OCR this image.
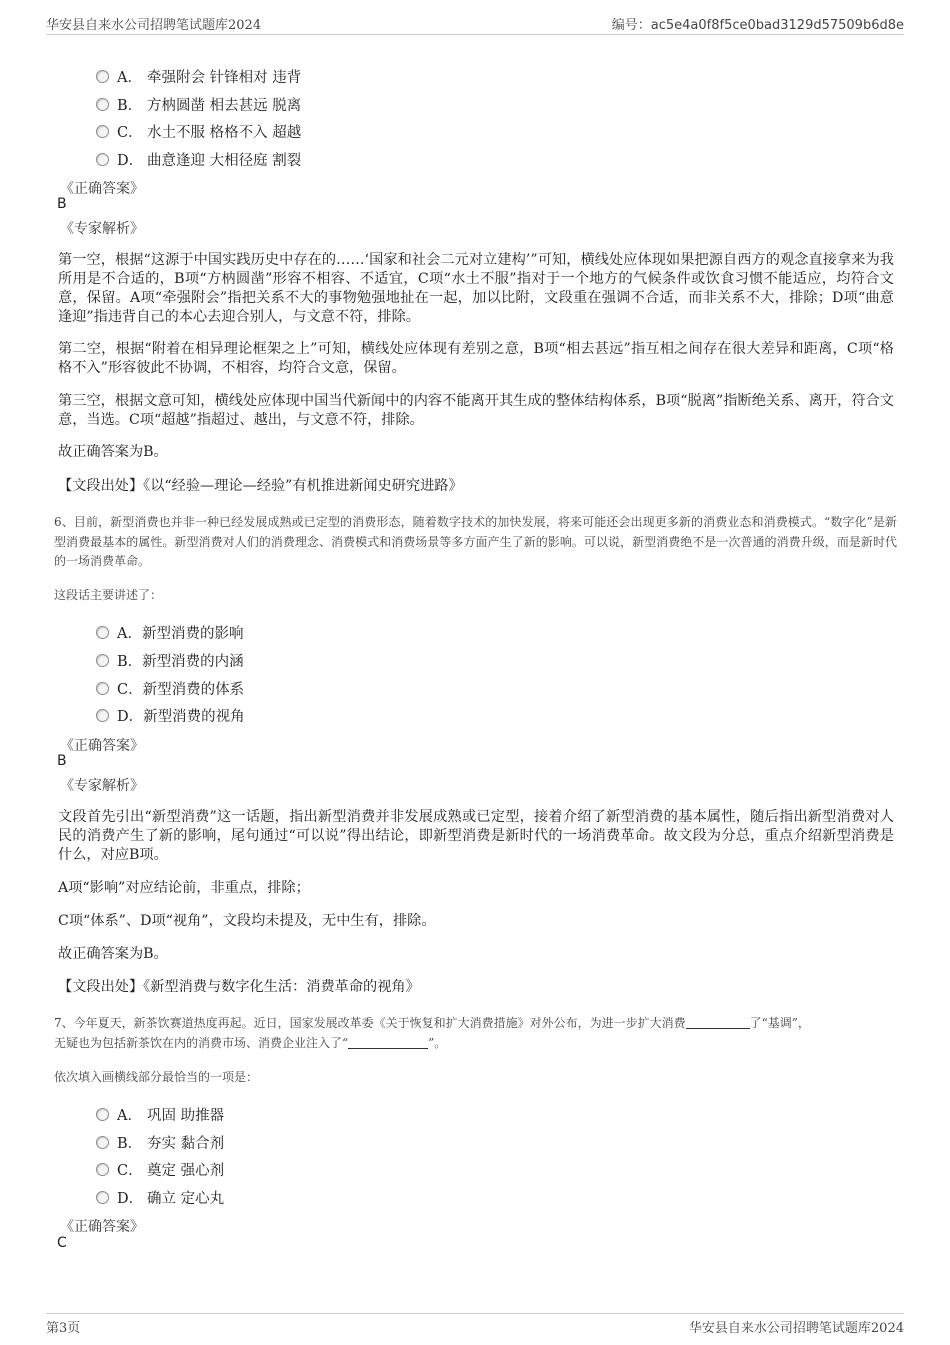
华安县自来水公司招聘笔试题库2024	编号：ac5e4a0f8f5ce0bad3129d57509b6d8e
A． 牵强附会 针锋相对 违背
B． 方枘圆凿 相去甚远 脱离
C． 水土不服 格格不入 超越
D． 曲意逢迎 大相径庭 割裂
《正确答案》
B
《专家解析》
第一空，根据“这源于中国实践历史中存在的……‘国家和社会二元对立建构’”可知，横线处应体现如果把源自西方的观念直接拿来为我所用是不合适的，B项“方枘圆凿”形容不相容、不适宜，C项“水土不服”指对于一个地方的气候条件或饮食习惯不能适应，均符合文意，保留。A项“牵强附会”指把关系不大的事物勉强地扯在一起，加以比附，文段重在强调不合适，而非关系不大，排除；D项“曲意逢迎”指违背自己的本心去迎合别人，与文意不符，排除。
第二空，根据“附着在相异理论框架之上”可知，横线处应体现有差别之意，B项“相去甚远”指互相之间存在很大差异和距离，C项“格格不入”形容彼此不协调，不相容，均符合文意，保留。
第三空，根据文意可知，横线处应体现中国当代新闻中的内容不能离开其生成的整体结构体系，B项“脱离”指断绝关系、离开，符合文意，当选。C项“超越”指超过、越出，与文意不符，排除。
故正确答案为B。
【文段出处】《以“经验—理论—经验”有机推进新闻史研究进路》
6、目前，新型消费也并非一种已经发展成熟或已定型的消费形态，随着数字技术的加快发展，将来可能还会出现更多新的消费业态和消费模式。“数字化”是新型消费最基本的属性。新型消费对人们的消费理念、消费模式和消费场景等多方面产生了新的影响。可以说，新型消费绝不是一次普通的消费升级，而是新时代的一场消费革命。
这段话主要讲述了：
A．新型消费的影响
B．新型消费的内涵
C．新型消费的体系
D．新型消费的视角
《正确答案》
B
《专家解析》
文段首先引出“新型消费”这一话题，指出新型消费并非发展成熟或已定型，接着介绍了新型消费的基本属性，随后指出新型消费对人民的消费产生了新的影响，尾句通过“可以说”得出结论，即新型消费是新时代的一场消费革命。故文段为分总，重点介绍新型消费是什么，对应B项。
A项“影响”对应结论前，非重点，排除；
C项“体系”、D项“视角”，文段均未提及，无中生有，排除。
故正确答案为B。
【文段出处】《新型消费与数字化生活：消费革命的视角》
7、今年夏天，新茶饮赛道热度再起。近日，国家发展改革委《关于恢复和扩大消费措施》对外公布，为进一步扩大消费	了“基调”，
无疑也为包括新茶饮在内的消费市场、消费企业注入了“	”。
依次填入画横线部分最恰当的一项是：
A． 巩固 助推器
B． 夯实 黏合剂
C． 奠定 强心剂
D． 确立 定心丸
《正确答案》
C
第3页	华安县自来水公司招聘笔试题库2024
